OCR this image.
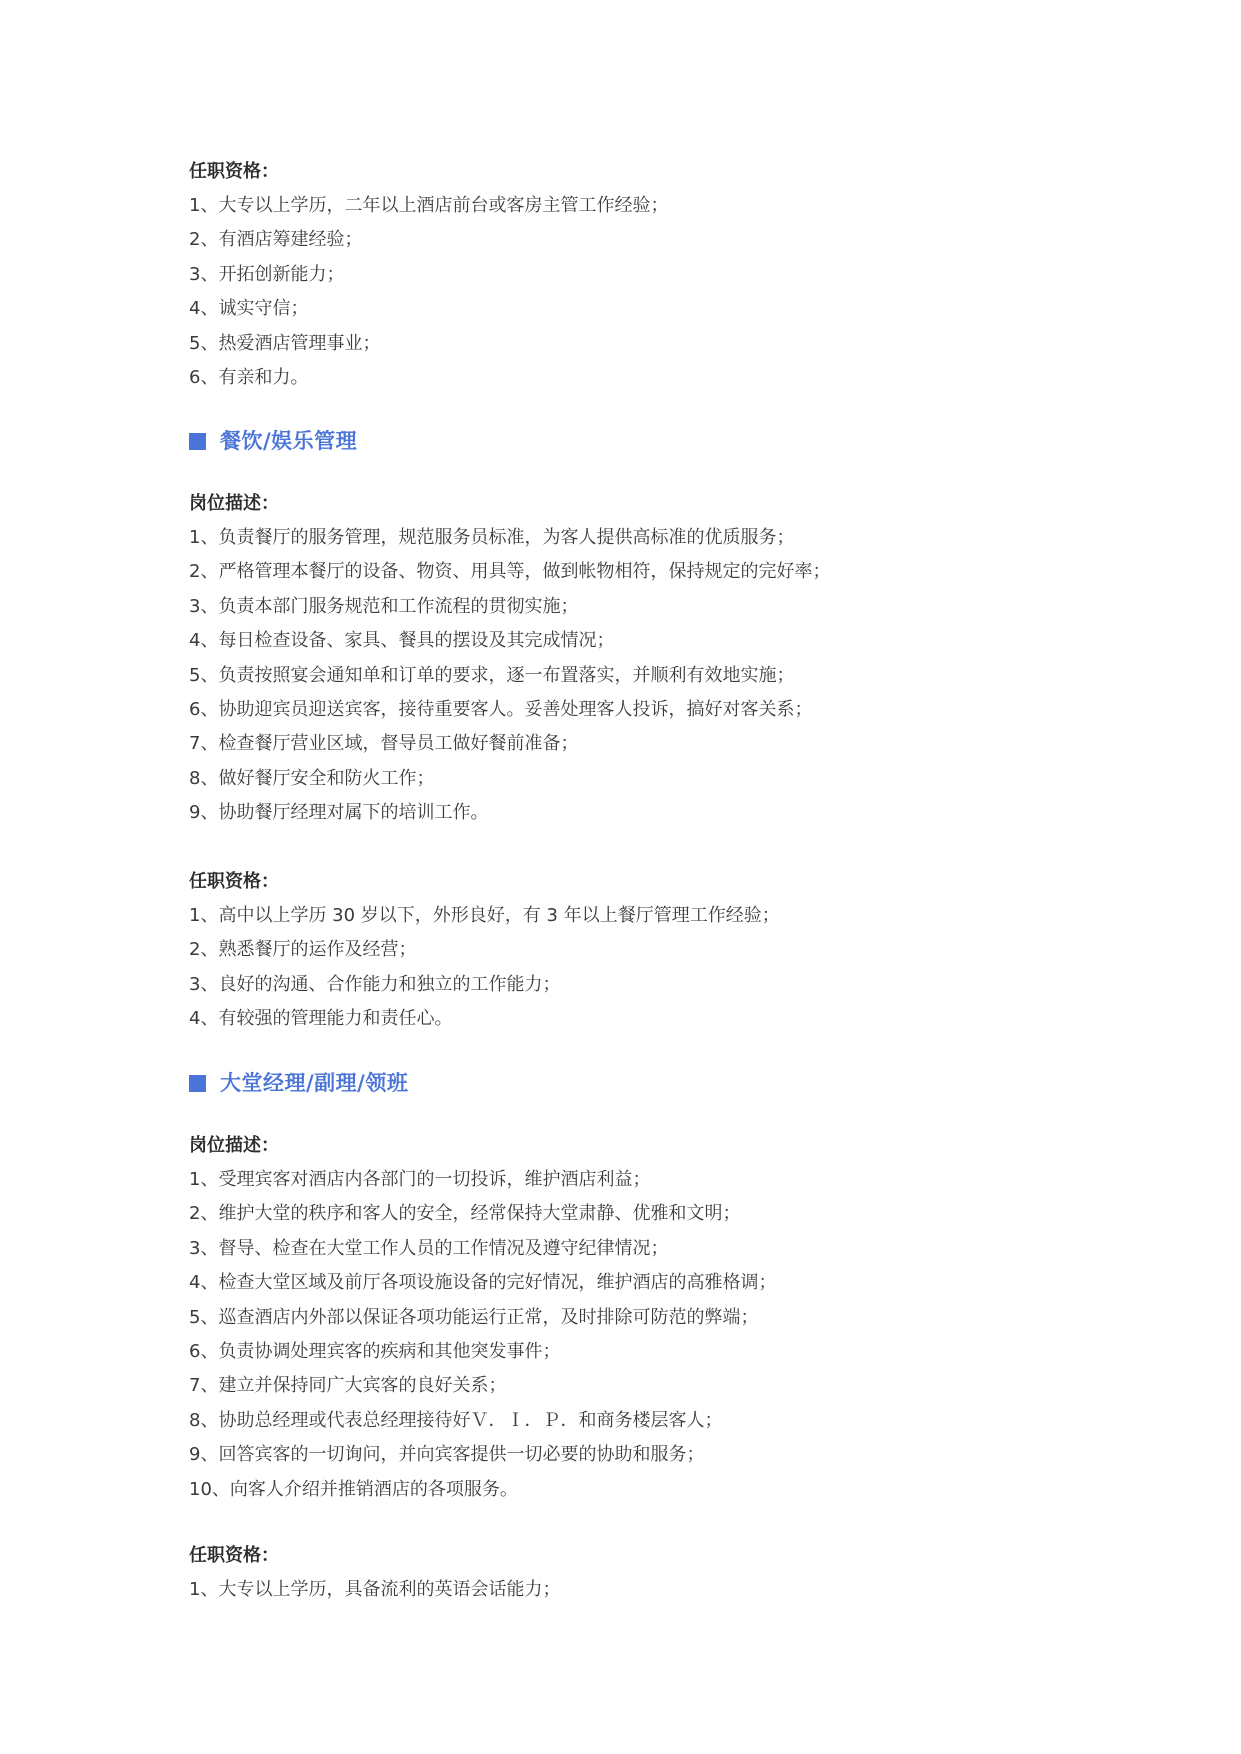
任职资格：
1、大专以上学历，二年以上酒店前台或客房主管工作经验；
2、有酒店筹建经验；
3、开拓创新能力；
4、诚实守信；
5、热爱酒店管理事业；
6、有亲和力。
餐饮/娱乐管理
岗位描述：
1、负责餐厅的服务管理，规范服务员标准，为客人提供高标准的优质服务；
2、严格管理本餐厅的设备、物资、用具等，做到帐物相符，保持规定的完好率；
3、负责本部门服务规范和工作流程的贯彻实施；
4、每日检查设备、家具、餐具的摆设及其完成情况；
5、负责按照宴会通知单和订单的要求，逐一布置落实，并顺利有效地实施；
6、协助迎宾员迎送宾客，接待重要客人。妥善处理客人投诉，搞好对客关系；
7、检查餐厅营业区域，督导员工做好餐前准备；
8、做好餐厅安全和防火工作；
9、协助餐厅经理对属下的培训工作。
任职资格：
1、高中以上学历 30 岁以下，外形良好，有 3 年以上餐厅管理工作经验；
2、熟悉餐厅的运作及经营；
3、良好的沟通、合作能力和独立的工作能力；
4、有较强的管理能力和责任心。
大堂经理/副理/领班
岗位描述：
1、受理宾客对酒店内各部门的一切投诉，维护酒店利益；
2、维护大堂的秩序和客人的安全，经常保持大堂肃静、优雅和文明；
3、督导、检查在大堂工作人员的工作情况及遵守纪律情况；
4、检查大堂区域及前厅各项设施设备的完好情况，维护酒店的高雅格调；
5、巡查酒店内外部以保证各项功能运行正常，及时排除可防范的弊端；
6、负责协调处理宾客的疾病和其他突发事件；
7、建立并保持同广大宾客的良好关系；
8、协助总经理或代表总经理接待好Ｖ．Ｉ．Ｐ．和商务楼层客人；
9、回答宾客的一切询问，并向宾客提供一切必要的协助和服务；
10、向客人介绍并推销酒店的各项服务。
任职资格：
1、大专以上学历，具备流利的英语会话能力；
